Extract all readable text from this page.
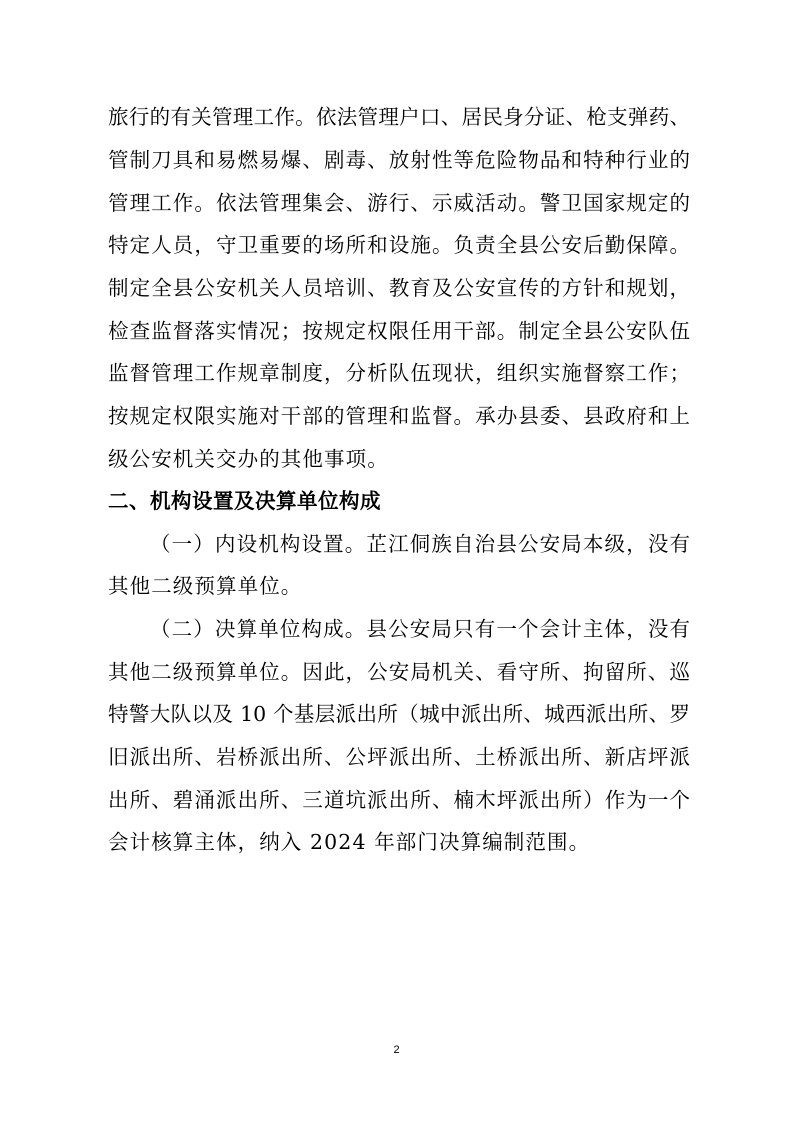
旅行的有关管理工作。依法管理户口、居民身分证、枪支弹药、
管制刀具和易燃易爆、剧毒、放射性等危险物品和特种行业的
管理工作。依法管理集会、游行、示威活动。警卫国家规定的
特定人员，守卫重要的场所和设施。负责全县公安后勤保障。
制定全县公安机关人员培训、教育及公安宣传的方针和规划，
检查监督落实情况；按规定权限任用干部。制定全县公安队伍
监督管理工作规章制度，分析队伍现状，组织实施督察工作；
按规定权限实施对干部的管理和监督。承办县委、县政府和上
级公安机关交办的其他事项。
二、机构设置及决算单位构成
（一）内设机构设置。芷江侗族自治县公安局本级，没有
其他二级预算单位。
（二）决算单位构成。县公安局只有一个会计主体，没有
其他二级预算单位。因此，公安局机关、看守所、拘留所、巡
特警大队以及 10 个基层派出所（城中派出所、城西派出所、罗
旧派出所、岩桥派出所、公坪派出所、土桥派出所、新店坪派
出所、碧涌派出所、三道坑派出所、楠木坪派出所）作为一个
会计核算主体，纳入 2024 年部门决算编制范围。
2
